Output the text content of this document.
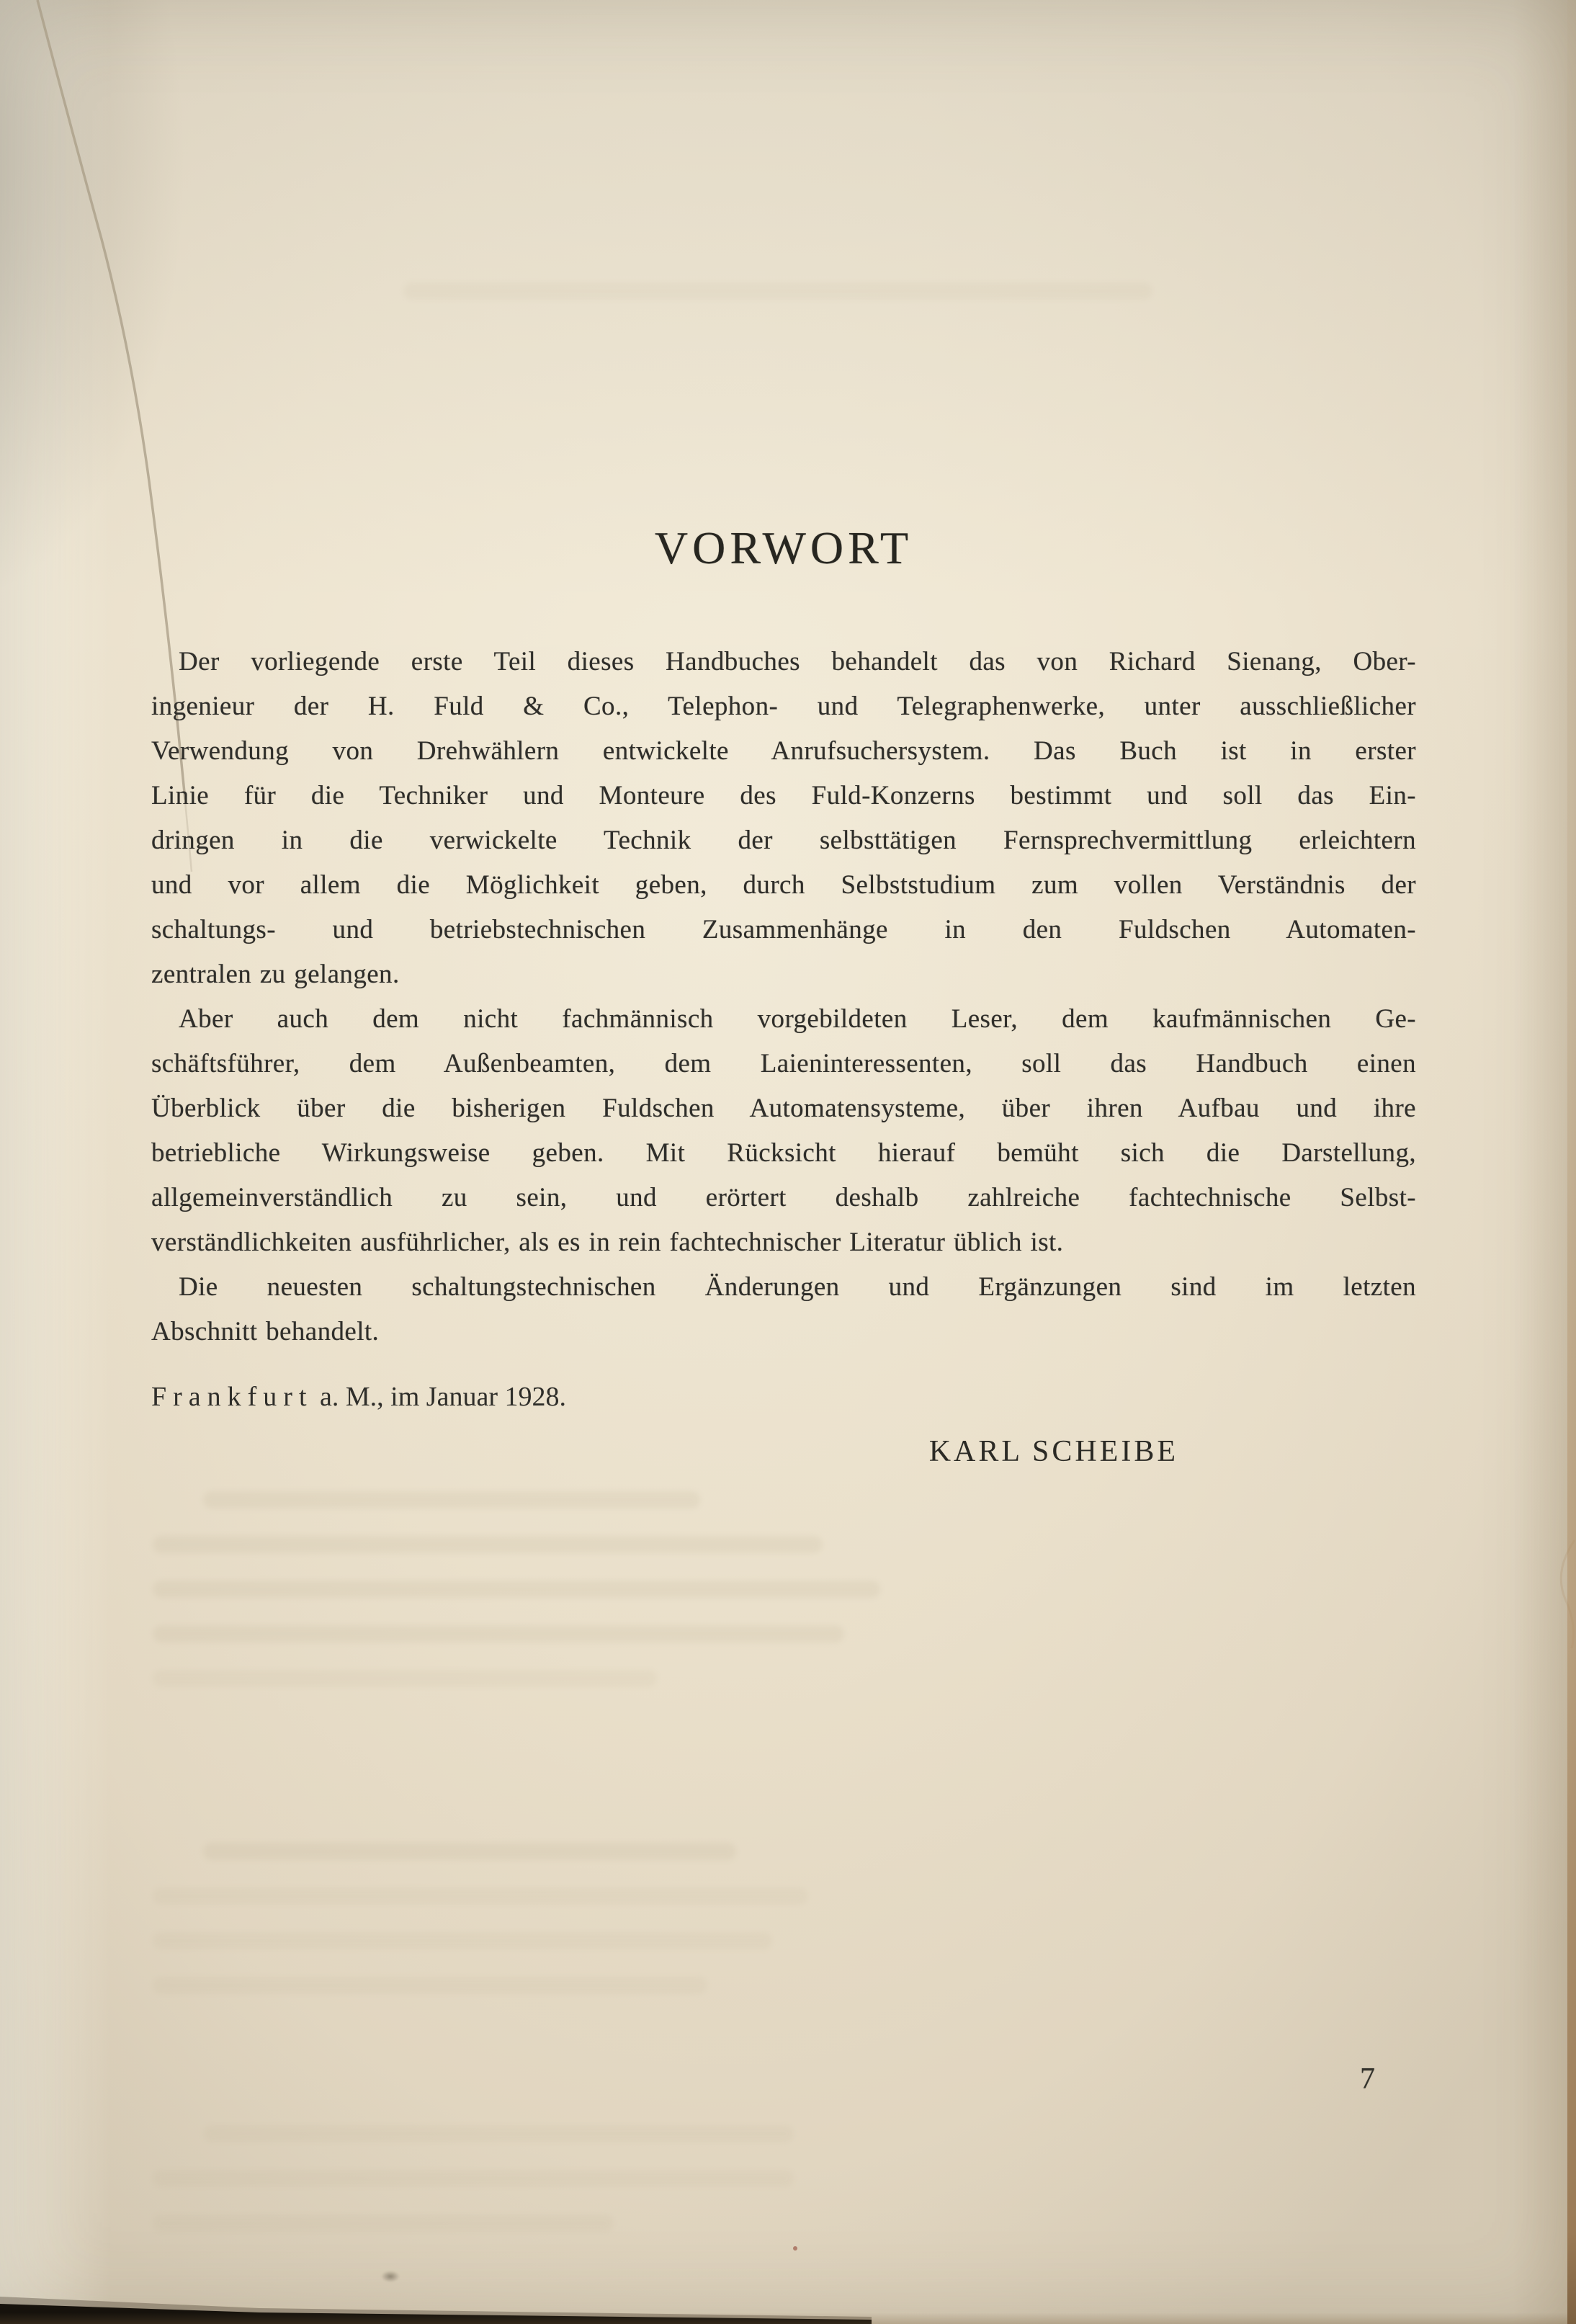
VORWORT
Der vorliegende erste Teil dieses Handbuches behandelt das von Richard Sienang, Ober-
ingenieur der H. Fuld & Co., Telephon- und Telegraphenwerke, unter ausschließlicher
Verwendung von Drehwählern entwickelte Anrufsuchersystem. Das Buch ist in erster
Linie für die Techniker und Monteure des Fuld-Konzerns bestimmt und soll das Ein-
dringen in die verwickelte Technik der selbsttätigen Fernsprechvermittlung erleichtern
und vor allem die Möglichkeit geben, durch Selbststudium zum vollen Verständnis der
schaltungs- und betriebstechnischen Zusammenhänge in den Fuldschen Automaten-
zentralen zu gelangen.
Aber auch dem nicht fachmännisch vorgebildeten Leser, dem kaufmännischen Ge-
schäftsführer, dem Außenbeamten, dem Laieninteressenten, soll das Handbuch einen
Überblick über die bisherigen Fuldschen Automatensysteme, über ihren Aufbau und ihre
betriebliche Wirkungsweise geben. Mit Rücksicht hierauf bemüht sich die Darstellung,
allgemeinverständlich zu sein, und erörtert deshalb zahlreiche fachtechnische Selbst-
verständlichkeiten ausführlicher, als es in rein fachtechnischer Literatur üblich ist.
Die neuesten schaltungstechnischen Änderungen und Ergänzungen sind im letzten
Abschnitt behandelt.
Frankfurt a. M., im Januar 1928.
KARL SCHEIBE
7
